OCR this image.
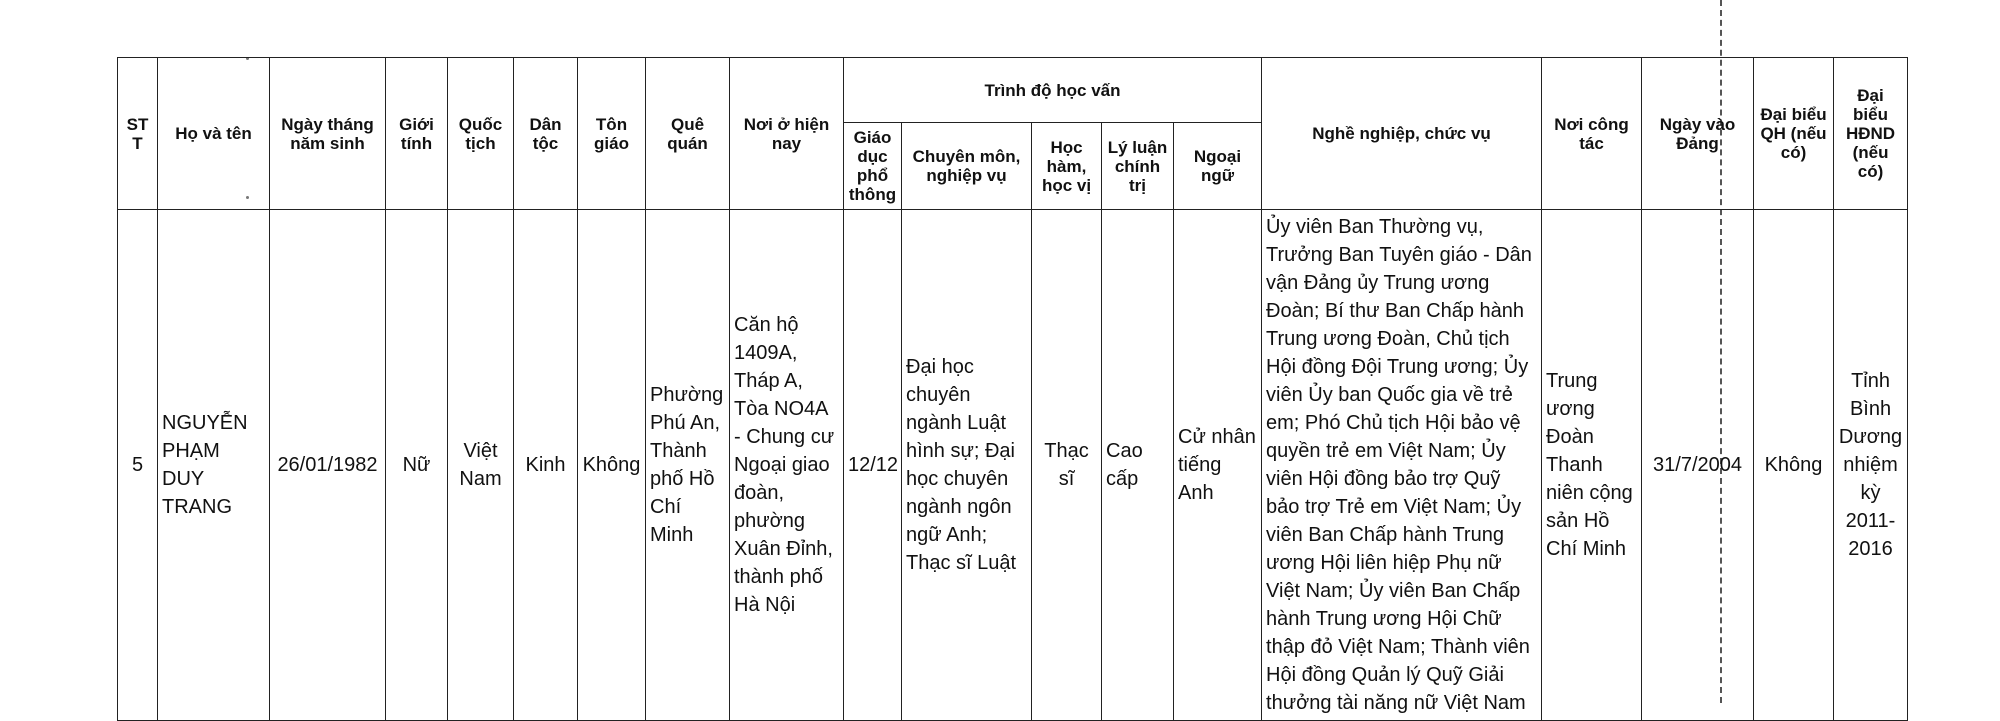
ST T	Họ và tên	Ngày tháng năm sinh	Giới tính	Quốc tịch	Dân tộc	Tôn giáo	Quê quán	Nơi ở hiện nay	Trình độ học vấn					Nghề nghiệp, chức vụ	Nơi công tác	Ngày vào Đảng	Đại biểu QH (nếu có)	Đại biểu HĐND (nếu có)
									Giáo dục phổ thông	Chuyên môn, nghiệp vụ	Học hàm, học vị	Lý luận chính trị	Ngoại ngữ					
5	NGUYỄN PHẠM DUY TRANG	26/01/1982	Nữ	Việt Nam	Kinh	Không	Phường Phú An, Thành phố Hồ Chí Minh	Căn hộ 1409A, Tháp A, Tòa NO4A - Chung cư Ngoại giao đoàn, phường Xuân Đỉnh, thành phố Hà Nội	12/12	Đại học chuyên ngành Luật hình sự; Đại học chuyên ngành ngôn ngữ Anh; Thạc sĩ Luật	Thạc sĩ	Cao cấp	Cử nhân tiếng Anh	Ủy viên Ban Thường vụ, Trưởng Ban Tuyên giáo - Dân vận Đảng ủy Trung ương Đoàn; Bí thư Ban Chấp hành Trung ương Đoàn, Chủ tịch Hội đồng Đội Trung ương; Ủy viên Ủy ban Quốc gia về trẻ em; Phó Chủ tịch Hội bảo vệ quyền trẻ em Việt Nam; Ủy viên Hội đồng bảo trợ Quỹ bảo trợ Trẻ em Việt Nam; Ủy viên Ban Chấp hành Trung ương Hội liên hiệp Phụ nữ Việt Nam; Ủy viên Ban Chấp hành Trung ương Hội Chữ thập đỏ Việt Nam; Thành viên Hội đồng Quản lý Quỹ Giải thưởng tài năng nữ Việt Nam	Trung ương Đoàn Thanh niên cộng sản Hồ Chí Minh	31/7/2004	Không	Tỉnh Bình Dương nhiệm kỳ 2011-2016
